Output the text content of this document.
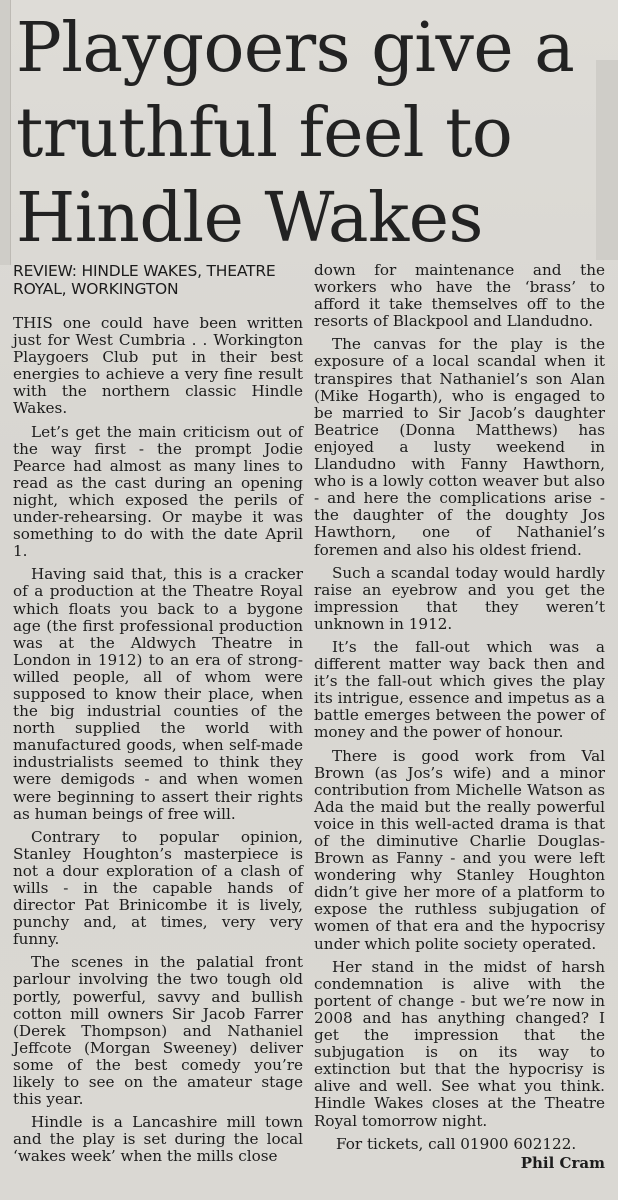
Playgoers give a
truthful feel to
Hindle Wakes
REVIEW: HINDLE WAKES, THEATRE ROYAL, WORKINGTON

THIS one could have been written just for West Cumbria . . Workington Playgoers Club put in their best energies to achieve a very fine result with the northern classic Hindle Wakes.

Let’s get the main criticism out of the way first - the prompt Jodie Pearce had almost as many lines to read as the cast during an opening night, which exposed the perils of under-rehearsing. Or maybe it was something to do with the date April 1.

Having said that, this is a cracker of a production at the Theatre Royal which floats you back to a bygone age (the first professional production was at the Aldwych Theatre in London in 1912) to an era of strong-willed people, all of whom were supposed to know their place, when the big industrial counties of the north supplied the world with manufactured goods, when self-made industrialists seemed to think they were demigods - and when women were beginning to assert their rights as human beings of free will.

Contrary to popular opinion, Stanley Houghton’s masterpiece is not a dour exploration of a clash of wills - in the capable hands of director Pat Brinicombe it is lively, punchy and, at times, very very funny.

The scenes in the palatial front parlour involving the two tough old portly, powerful, savvy and bullish cotton mill owners Sir Jacob Farrer (Derek Thompson) and Nathaniel Jeffcote (Morgan Sweeney) deliver some of the best comedy you’re likely to see on the amateur stage this year.

Hindle is a Lancashire mill town and the play is set during the local ‘wakes week’ when the mills close

down for maintenance and the workers who have the ‘brass’ to afford it take themselves off to the resorts of Blackpool and Llandudno.

The canvas for the play is the exposure of a local scandal when it transpires that Nathaniel’s son Alan (Mike Hogarth), who is engaged to be married to Sir Jacob’s daughter Beatrice (Donna Matthews) has enjoyed a lusty weekend in Llandudno with Fanny Hawthorn, who is a lowly cotton weaver but also - and here the complications arise - the daughter of the doughty Jos Hawthorn, one of Nathaniel’s foremen and also his oldest friend.

Such a scandal today would hardly raise an eyebrow and you get the impression that they weren’t unknown in 1912.

It’s the fall-out which was a different matter way back then and it’s the fall-out which gives the play its intrigue, essence and impetus as a battle emerges between the power of money and the power of honour.

There is good work from Val Brown (as Jos’s wife) and a minor contribution from Michelle Watson as Ada the maid but the really powerful voice in this well-acted drama is that of the diminutive Charlie Douglas-Brown as Fanny - and you were left wondering why Stanley Houghton didn’t give her more of a platform to expose the ruthless subjugation of women of that era and the hypocrisy under which polite society operated.

Her stand in the midst of harsh condemnation is alive with the portent of change - but we’re now in 2008 and has anything changed? I get the impression that the subjugation is on its way to extinction but that the hypocrisy is alive and well. See what you think. Hindle Wakes closes at the Theatre Royal tomorrow night.

For tickets, call 01900 602122.

Phil Cram
